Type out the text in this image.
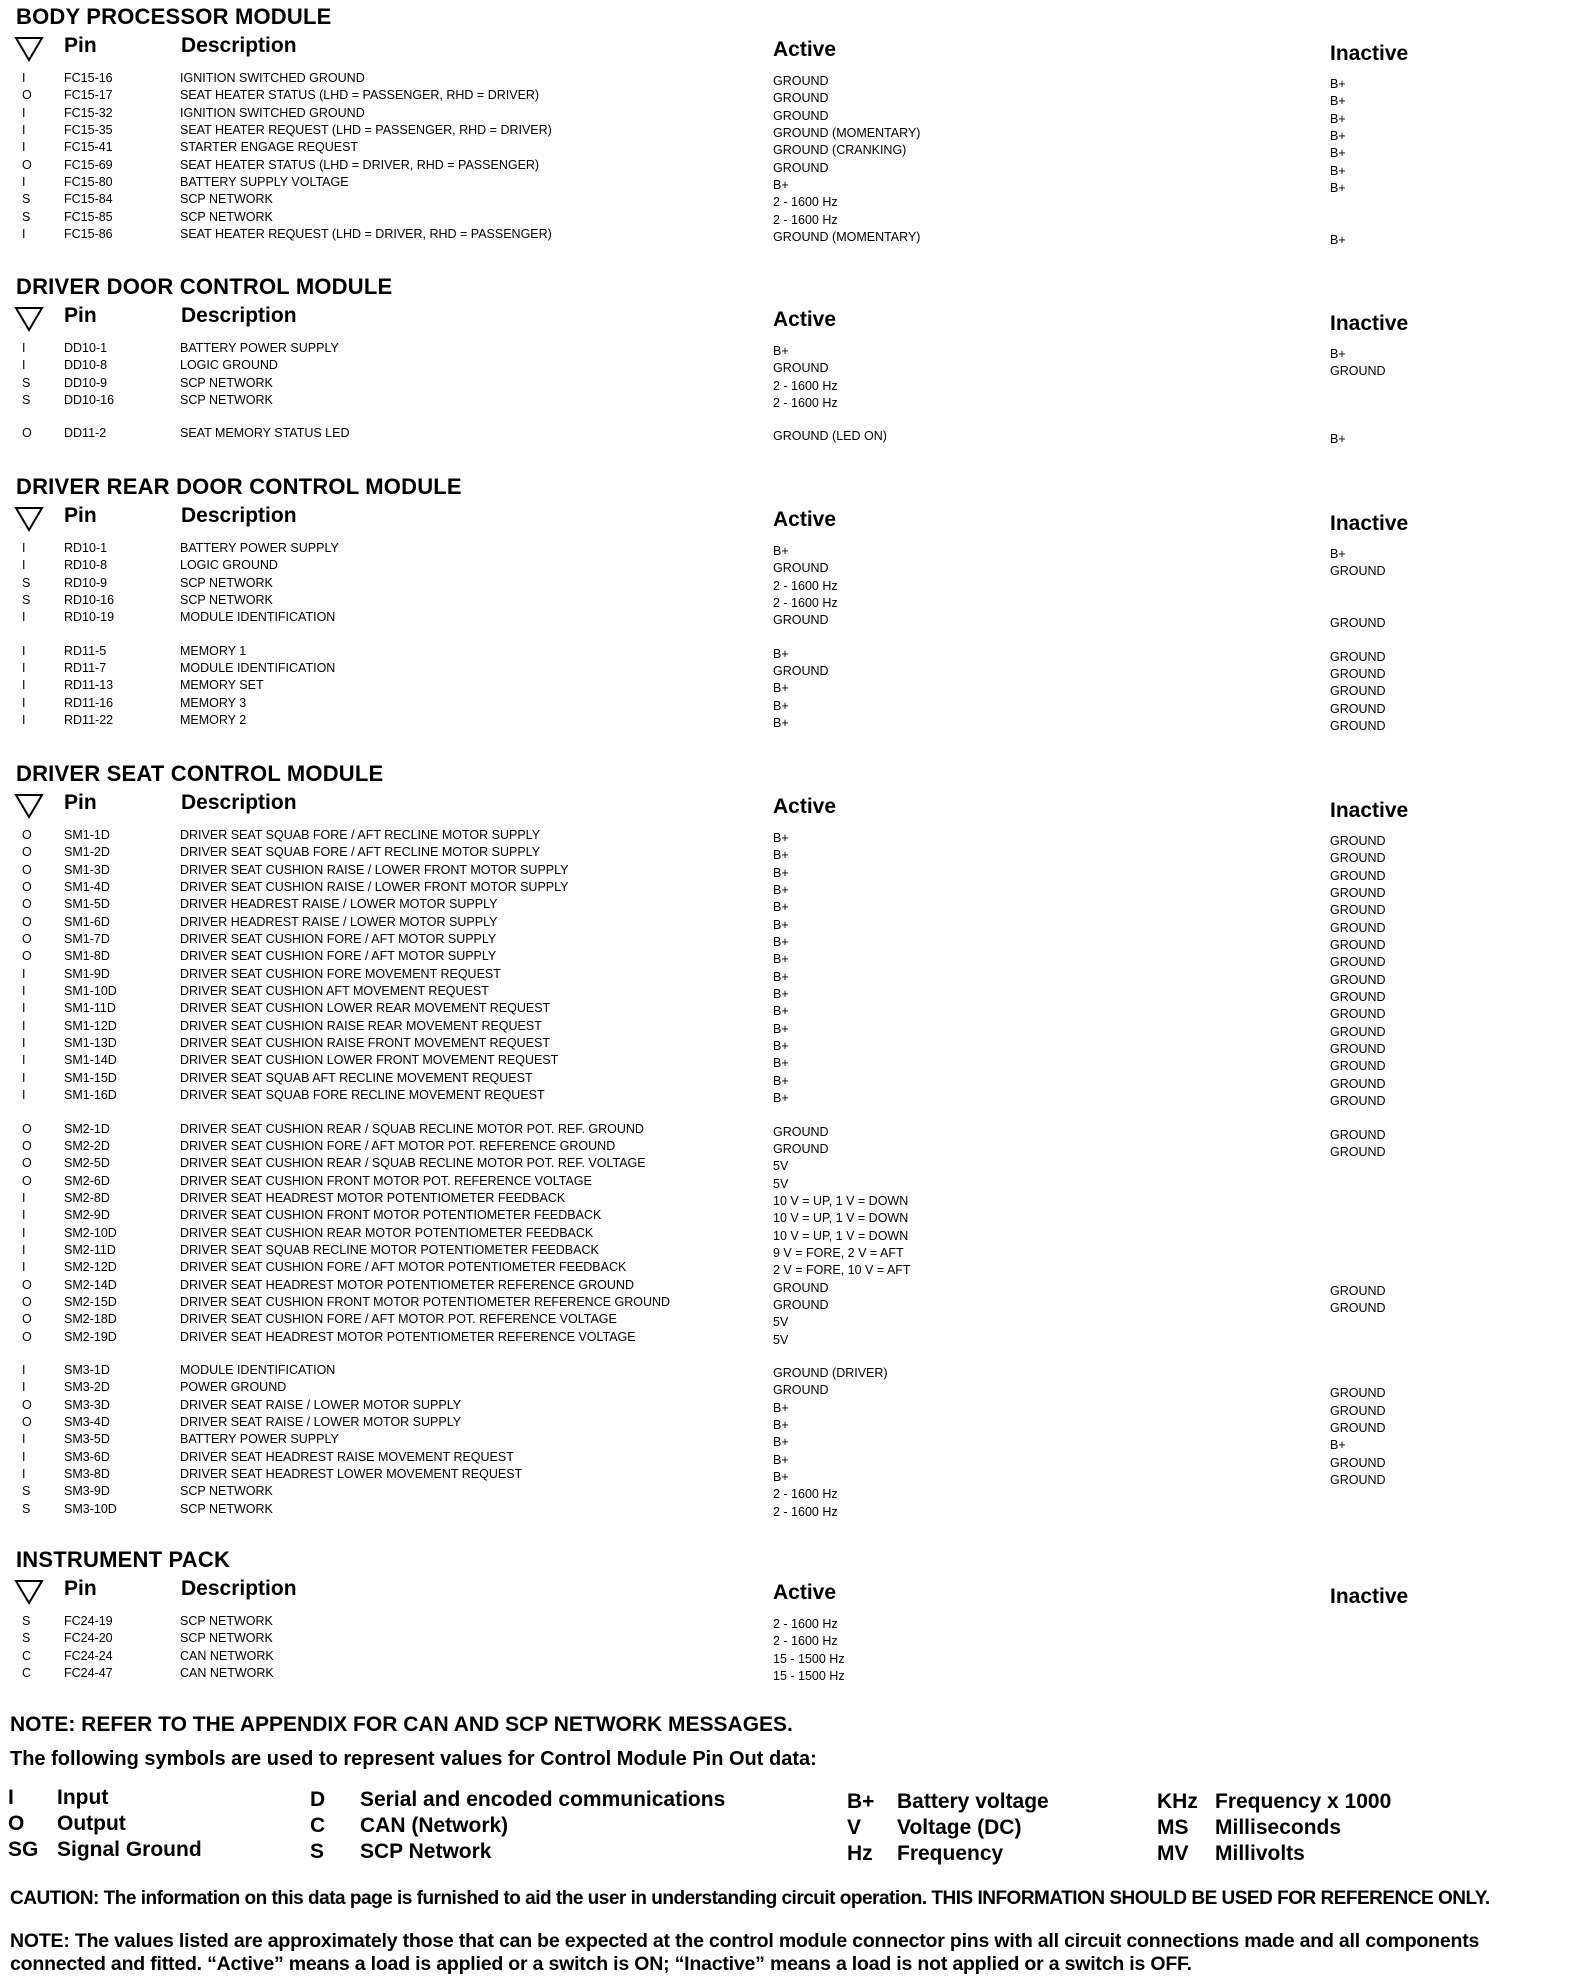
BODY PROCESSOR MODULE
Pin	Description	Active	Inactive
I	FC15-16	IGNITION SWITCHED GROUND	GROUND	B+
O	FC15-17	SEAT HEATER STATUS (LHD = PASSENGER, RHD = DRIVER)	GROUND	B+
I	FC15-32	IGNITION SWITCHED GROUND	GROUND	B+
I	FC15-35	SEAT HEATER REQUEST (LHD = PASSENGER, RHD = DRIVER)	GROUND (MOMENTARY)	B+
I	FC15-41	STARTER ENGAGE REQUEST	GROUND (CRANKING)	B+
O	FC15-69	SEAT HEATER STATUS (LHD = DRIVER, RHD = PASSENGER)	GROUND	B+
I	FC15-80	BATTERY SUPPLY VOLTAGE	B+	B+
S	FC15-84	SCP NETWORK	2 - 1600 Hz
S	FC15-85	SCP NETWORK	2 - 1600 Hz
I	FC15-86	SEAT HEATER REQUEST (LHD = DRIVER, RHD = PASSENGER)	GROUND (MOMENTARY)	B+
DRIVER DOOR CONTROL MODULE
Pin	Description	Active	Inactive
I	DD10-1	BATTERY POWER SUPPLY	B+	B+
I	DD10-8	LOGIC GROUND	GROUND	GROUND
S	DD10-9	SCP NETWORK	2 - 1600 Hz
S	DD10-16	SCP NETWORK	2 - 1600 Hz
O	DD11-2	SEAT MEMORY STATUS LED	GROUND (LED ON)	B+
DRIVER REAR DOOR CONTROL MODULE
Pin	Description	Active	Inactive
I	RD10-1	BATTERY POWER SUPPLY	B+	B+
I	RD10-8	LOGIC GROUND	GROUND	GROUND
S	RD10-9	SCP NETWORK	2 - 1600 Hz
S	RD10-16	SCP NETWORK	2 - 1600 Hz
I	RD10-19	MODULE IDENTIFICATION	GROUND	GROUND
I	RD11-5	MEMORY 1	B+	GROUND
I	RD11-7	MODULE IDENTIFICATION	GROUND	GROUND
I	RD11-13	MEMORY SET	B+	GROUND
I	RD11-16	MEMORY 3	B+	GROUND
I	RD11-22	MEMORY 2	B+	GROUND
DRIVER SEAT CONTROL MODULE
Pin	Description	Active	Inactive
O	SM1-1D	DRIVER SEAT SQUAB FORE / AFT RECLINE MOTOR SUPPLY	B+	GROUND
O	SM1-2D	DRIVER SEAT SQUAB FORE / AFT RECLINE MOTOR SUPPLY	B+	GROUND
O	SM1-3D	DRIVER SEAT CUSHION RAISE / LOWER FRONT MOTOR SUPPLY	B+	GROUND
O	SM1-4D	DRIVER SEAT CUSHION RAISE / LOWER FRONT MOTOR SUPPLY	B+	GROUND
O	SM1-5D	DRIVER HEADREST RAISE / LOWER MOTOR SUPPLY	B+	GROUND
O	SM1-6D	DRIVER HEADREST RAISE / LOWER MOTOR SUPPLY	B+	GROUND
O	SM1-7D	DRIVER SEAT CUSHION FORE / AFT MOTOR SUPPLY	B+	GROUND
O	SM1-8D	DRIVER SEAT CUSHION FORE / AFT MOTOR SUPPLY	B+	GROUND
I	SM1-9D	DRIVER SEAT CUSHION FORE MOVEMENT REQUEST	B+	GROUND
I	SM1-10D	DRIVER SEAT CUSHION AFT MOVEMENT REQUEST	B+	GROUND
I	SM1-11D	DRIVER SEAT CUSHION LOWER REAR MOVEMENT REQUEST	B+	GROUND
I	SM1-12D	DRIVER SEAT CUSHION RAISE REAR MOVEMENT REQUEST	B+	GROUND
I	SM1-13D	DRIVER SEAT CUSHION RAISE FRONT MOVEMENT REQUEST	B+	GROUND
I	SM1-14D	DRIVER SEAT CUSHION LOWER FRONT MOVEMENT REQUEST	B+	GROUND
I	SM1-15D	DRIVER SEAT SQUAB AFT RECLINE MOVEMENT REQUEST	B+	GROUND
I	SM1-16D	DRIVER SEAT SQUAB FORE RECLINE MOVEMENT REQUEST	B+	GROUND
O	SM2-1D	DRIVER SEAT CUSHION REAR / SQUAB RECLINE MOTOR POT. REF. GROUND	GROUND	GROUND
O	SM2-2D	DRIVER SEAT CUSHION FORE / AFT MOTOR POT. REFERENCE GROUND	GROUND	GROUND
O	SM2-5D	DRIVER SEAT CUSHION REAR / SQUAB RECLINE MOTOR POT. REF. VOLTAGE	5V
O	SM2-6D	DRIVER SEAT CUSHION FRONT MOTOR POT. REFERENCE VOLTAGE	5V
I	SM2-8D	DRIVER SEAT HEADREST MOTOR POTENTIOMETER FEEDBACK	10 V = UP, 1 V = DOWN
I	SM2-9D	DRIVER SEAT CUSHION FRONT MOTOR POTENTIOMETER FEEDBACK	10 V = UP, 1 V = DOWN
I	SM2-10D	DRIVER SEAT CUSHION REAR MOTOR POTENTIOMETER FEEDBACK	10 V = UP, 1 V = DOWN
I	SM2-11D	DRIVER SEAT SQUAB RECLINE MOTOR POTENTIOMETER FEEDBACK	9 V = FORE, 2 V = AFT
I	SM2-12D	DRIVER SEAT CUSHION FORE / AFT MOTOR POTENTIOMETER FEEDBACK	2 V = FORE, 10 V = AFT
O	SM2-14D	DRIVER SEAT HEADREST MOTOR POTENTIOMETER REFERENCE GROUND	GROUND	GROUND
O	SM2-15D	DRIVER SEAT CUSHION FRONT MOTOR POTENTIOMETER REFERENCE GROUND	GROUND	GROUND
O	SM2-18D	DRIVER SEAT CUSHION FORE / AFT MOTOR POT. REFERENCE VOLTAGE	5V
O	SM2-19D	DRIVER SEAT HEADREST MOTOR POTENTIOMETER REFERENCE VOLTAGE	5V
I	SM3-1D	MODULE IDENTIFICATION	GROUND (DRIVER)
I	SM3-2D	POWER GROUND	GROUND	GROUND
O	SM3-3D	DRIVER SEAT RAISE / LOWER MOTOR SUPPLY	B+	GROUND
O	SM3-4D	DRIVER SEAT RAISE / LOWER MOTOR SUPPLY	B+	GROUND
I	SM3-5D	BATTERY POWER SUPPLY	B+	B+
I	SM3-6D	DRIVER SEAT HEADREST RAISE MOVEMENT REQUEST	B+	GROUND
I	SM3-8D	DRIVER SEAT HEADREST LOWER MOVEMENT REQUEST	B+	GROUND
S	SM3-9D	SCP NETWORK	2 - 1600 Hz
S	SM3-10D	SCP NETWORK	2 - 1600 Hz
INSTRUMENT PACK
Pin	Description	Active	Inactive
S	FC24-19	SCP NETWORK	2 - 1600 Hz
S	FC24-20	SCP NETWORK	2 - 1600 Hz
C	FC24-24	CAN NETWORK	15 - 1500 Hz
C	FC24-47	CAN NETWORK	15 - 1500 Hz
NOTE: REFER TO THE APPENDIX FOR CAN AND SCP NETWORK MESSAGES.
The following symbols are used to represent values for Control Module Pin Out data:
I Input
O Output
SG Signal Ground
D Serial and encoded communications
C CAN (Network)
S SCP Network
B+ Battery voltage
V Voltage (DC)
Hz Frequency
KHz Frequency x 1000
MS Milliseconds
MV Millivolts
CAUTION: The information on this data page is furnished to aid the user in understanding circuit operation. THIS INFORMATION SHOULD BE USED FOR REFERENCE ONLY.
NOTE: The values listed are approximately those that can be expected at the control module connector pins with all circuit connections made and all components connected and fitted. “Active” means a load is applied or a switch is ON; “Inactive” means a load is not applied or a switch is OFF.
